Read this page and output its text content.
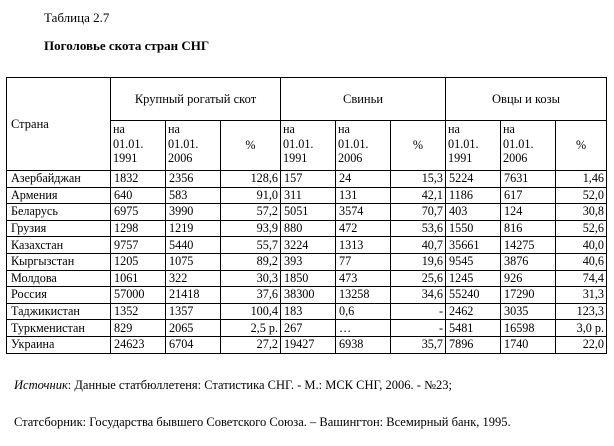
Таблица 2.7
Поголовье скота стран СНГ
Страна	Крупный рогатый скот			Свиньи			Овцы и козы		
	на
01.01.
1991	на
01.01.
2006	%	на
01.01.
1991	на
01.01.
2006	%	на
01.01.
1991	на
01.01.
2006	%
Азербайджан	1832	2356	128,6	157	24	15,3	5224	7631	1,46
Армения	640	583	91,0	311	131	42,1	1186	617	52,0
Беларусь	6975	3990	57,2	5051	3574	70,7	403	124	30,8
Грузия	1298	1219	93,9	880	472	53,6	1550	816	52,6
Казахстан	9757	5440	55,7	3224	1313	40,7	35661	14275	40,0
Кыргызстан	1205	1075	89,2	393	77	19,6	9545	3876	40,6
Молдова	1061	322	30,3	1850	473	25,6	1245	926	74,4
Россия	57000	21418	37,6	38300	13258	34,6	55240	17290	31,3
Таджикистан	1352	1357	100,4	183	0,6	-	2462	3035	123,3
Туркменистан	829	2065	2,5 р.	267	…	-	5481	16598	3,0 р.
Украина	24623	6704	27,2	19427	6938	35,7	7896	1740	22,0
Источник: Данные статбюллетеня: Статистика СНГ. - М.: МСК СНГ, 2006. - №23;
Статсборник: Государства бывшего Советского Союза. – Вашингтон: Всемирный банк, 1995.
